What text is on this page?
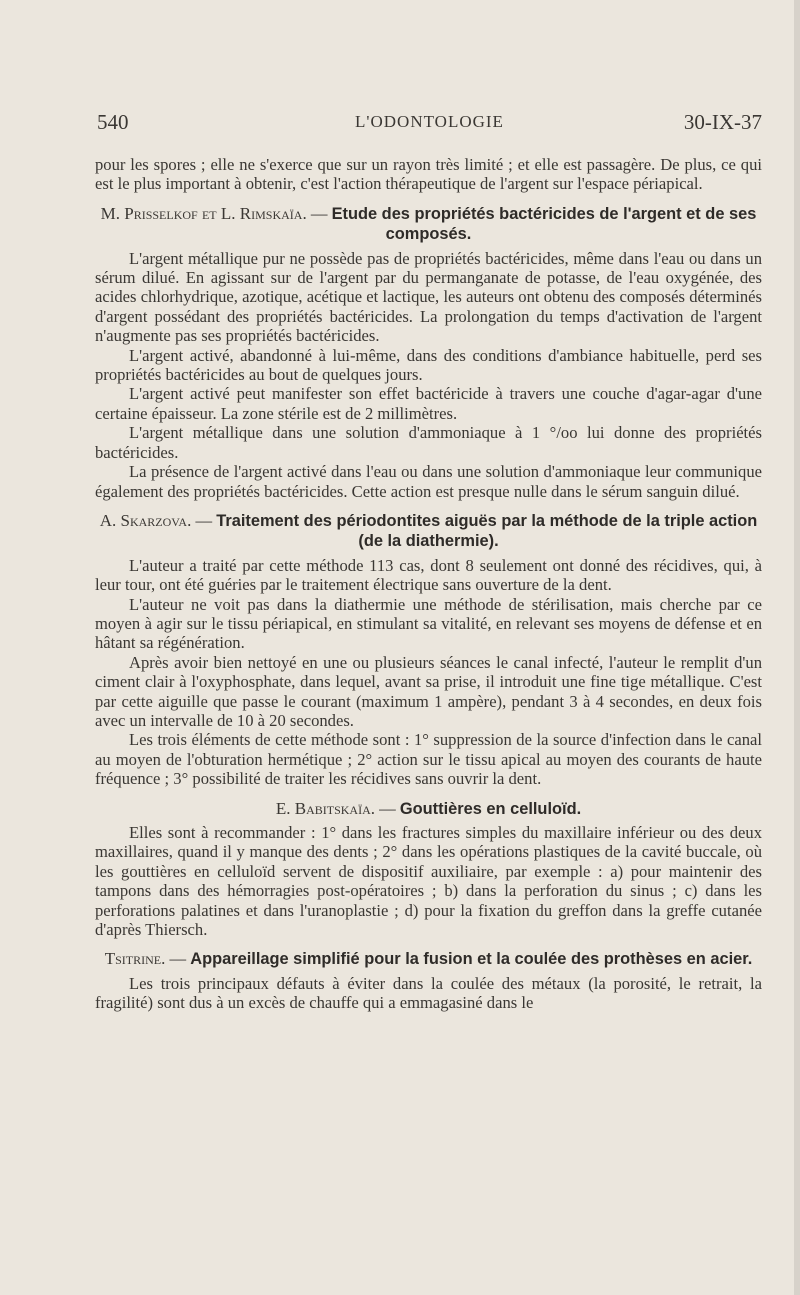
540	L'ODONTOLOGIE	30-IX-37

pour les spores ; elle ne s'exerce que sur un rayon très limité ; et elle est passagère. De plus, ce qui est le plus important à obtenir, c'est l'action thérapeutique de l'argent sur l'espace périapical.

M. Prisselkof et L. Rimskaïa. — Etude des propriétés bactéricides de l'argent et de ses composés.

L'argent métallique pur ne possède pas de propriétés bactéricides, même dans l'eau ou dans un sérum dilué. En agissant sur de l'argent par du permanganate de potasse, de l'eau oxygénée, des acides chlorhydrique, azotique, acétique et lactique, les auteurs ont obtenu des composés déterminés d'argent possédant des propriétés bactéricides. La prolongation du temps d'activation de l'argent n'augmente pas ses propriétés bactéricides.

L'argent activé, abandonné à lui-même, dans des conditions d'ambiance habituelle, perd ses propriétés bactéricides au bout de quelques jours.

L'argent activé peut manifester son effet bactéricide à travers une couche d'agar-agar d'une certaine épaisseur. La zone stérile est de 2 millimètres.

L'argent métallique dans une solution d'ammoniaque à 1 °/oo lui donne des propriétés bactéricides.

La présence de l'argent activé dans l'eau ou dans une solution d'ammoniaque leur communique également des propriétés bactéricides. Cette action est presque nulle dans le sérum sanguin dilué.

A. Skarzova. — Traitement des périodontites aiguës par la méthode de la triple action (de la diathermie).

L'auteur a traité par cette méthode 113 cas, dont 8 seulement ont donné des récidives, qui, à leur tour, ont été guéries par le traitement électrique sans ouverture de la dent.

L'auteur ne voit pas dans la diathermie une méthode de stérilisation, mais cherche par ce moyen à agir sur le tissu périapical, en stimulant sa vitalité, en relevant ses moyens de défense et en hâtant sa régénération.

Après avoir bien nettoyé en une ou plusieurs séances le canal infecté, l'auteur le remplit d'un ciment clair à l'oxyphosphate, dans lequel, avant sa prise, il introduit une fine tige métallique. C'est par cette aiguille que passe le courant (maximum 1 ampère), pendant 3 à 4 secondes, en deux fois avec un intervalle de 10 à 20 secondes.

Les trois éléments de cette méthode sont : 1° suppression de la source d'infection dans le canal au moyen de l'obturation hermétique ; 2° action sur le tissu apical au moyen des courants de haute fréquence ; 3° possibilité de traiter les récidives sans ouvrir la dent.

E. Babitskaïa. — Gouttières en celluloïd.

Elles sont à recommander : 1° dans les fractures simples du maxillaire inférieur ou des deux maxillaires, quand il y manque des dents ; 2° dans les opérations plastiques de la cavité buccale, où les gouttières en celluloïd servent de dispositif auxiliaire, par exemple : a) pour maintenir des tampons dans des hémorragies post-opératoires ; b) dans la perforation du sinus ; c) dans les perforations palatines et dans l'uranoplastie ; d) pour la fixation du greffon dans la greffe cutanée d'après Thiersch.

Tsitrine. — Appareillage simplifié pour la fusion et la coulée des prothèses en acier.

Les trois principaux défauts à éviter dans la coulée des métaux (la porosité, le retrait, la fragilité) sont dus à un excès de chauffe qui a emmagasiné dans le
